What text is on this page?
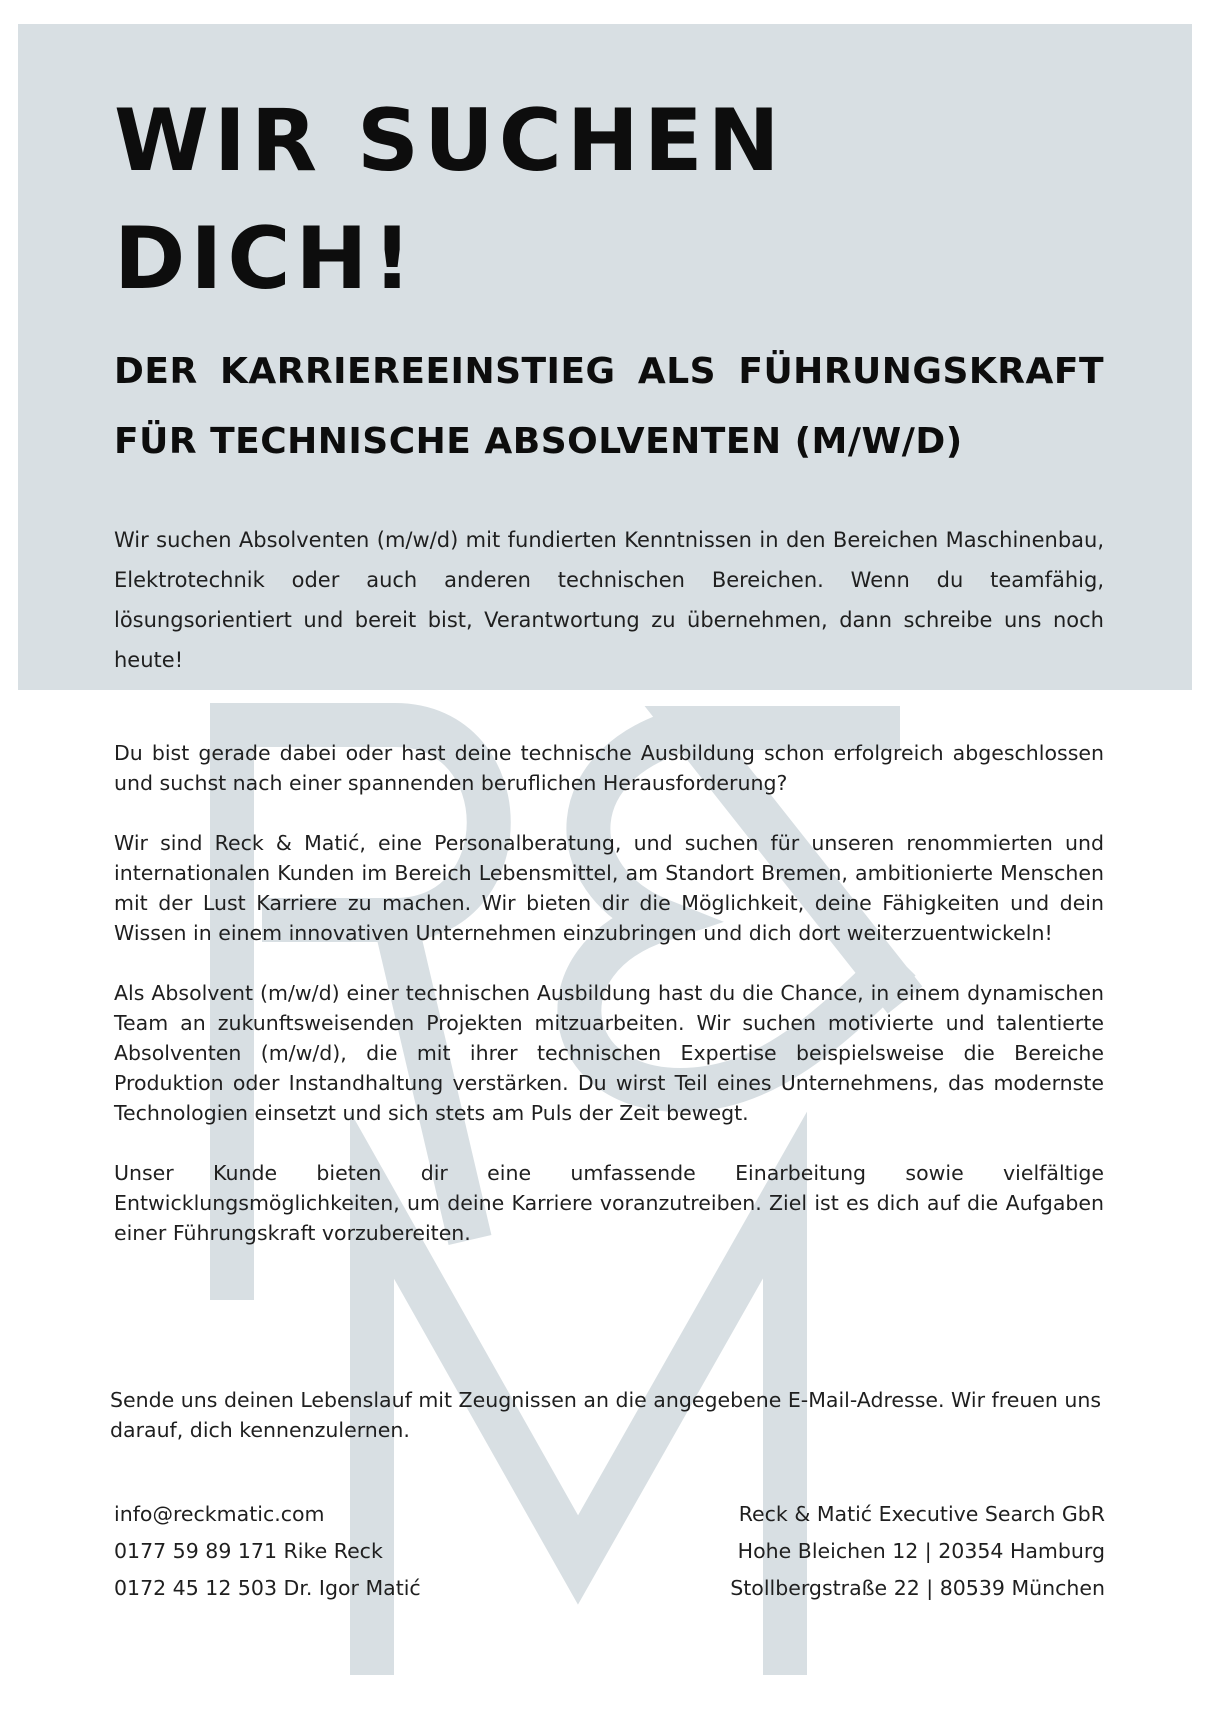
WIR SUCHEN
DICH!
DER KARRIEREEINSTIEG ALS FÜHRUNGSKRAFT
FÜR TECHNISCHE ABSOLVENTEN (M/W/D)

Wir suchen Absolventen (m/w/d) mit fundierten Kenntnissen in den Bereichen Maschinenbau, Elektrotechnik oder auch anderen technischen Bereichen. Wenn du teamfähig, lösungsorientiert und bereit bist, Verantwortung zu übernehmen, dann schreibe uns noch heute!

Du bist gerade dabei oder hast deine technische Ausbildung schon erfolgreich abgeschlossen und suchst nach einer spannenden beruflichen Herausforderung?

Wir sind Reck & Matić, eine Personalberatung, und suchen für unseren renommierten und internationalen Kunden im Bereich Lebensmittel, am Standort Bremen, ambitionierte Menschen mit der Lust Karriere zu machen. Wir bieten dir die Möglichkeit, deine Fähigkeiten und dein Wissen in einem innovativen Unternehmen einzubringen und dich dort weiterzuentwickeln!

Als Absolvent (m/w/d) einer technischen Ausbildung hast du die Chance, in einem dynamischen Team an zukunftsweisenden Projekten mitzuarbeiten. Wir suchen motivierte und talentierte Absolventen (m/w/d), die mit ihrer technischen Expertise beispielsweise die Bereiche Produktion oder Instandhaltung verstärken. Du wirst Teil eines Unternehmens, das modernste Technologien einsetzt und sich stets am Puls der Zeit bewegt.

Unser Kunde bieten dir eine umfassende Einarbeitung sowie vielfältige Entwicklungsmöglichkeiten, um deine Karriere voranzutreiben. Ziel ist es dich auf die Aufgaben einer Führungskraft vorzubereiten.

Sende uns deinen Lebenslauf mit Zeugnissen an die angegebene E-Mail-Adresse. Wir freuen uns darauf, dich kennenzulernen.

info@reckmatic.com
0177 59 89 171 Rike Reck
0172 45 12 503 Dr. Igor Matić
Reck & Matić Executive Search GbR
Hohe Bleichen 12 | 20354 Hamburg
Stollbergstraße 22 | 80539 München
